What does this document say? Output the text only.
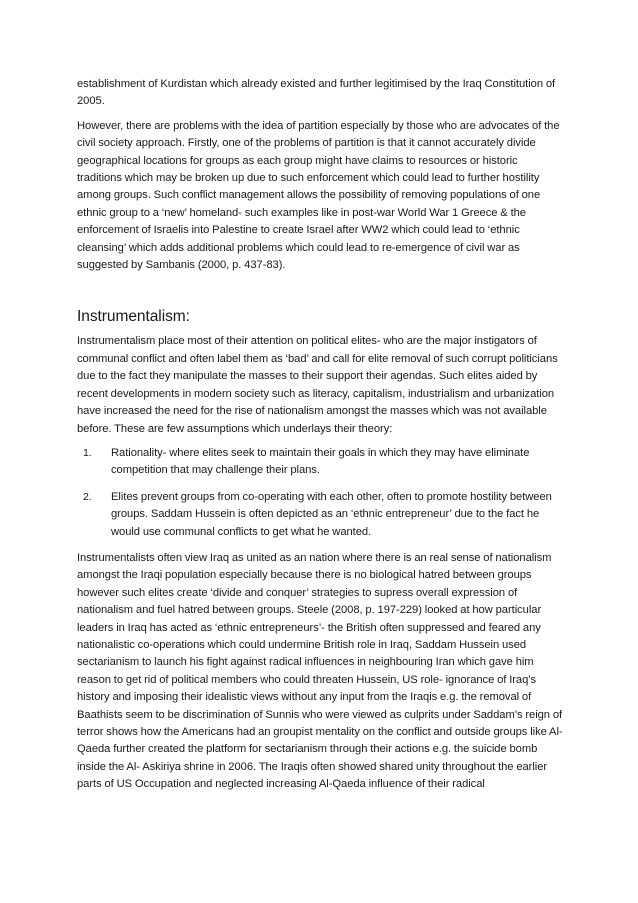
establishment of Kurdistan which already existed and further legitimised by the Iraq Constitution of 2005.

However, there are problems with the idea of partition especially by those who are advocates of the civil society approach. Firstly, one of the problems of partition is that it cannot accurately divide geographical locations for groups as each group might have claims to resources or historic traditions which may be broken up due to such enforcement which could lead to further hostility among groups. Such conflict management allows the possibility of removing populations of one ethnic group to a ‘new’ homeland- such examples like in post-war World War 1 Greece & the enforcement of Israelis into Palestine to create Israel after WW2 which could lead to ‘ethnic cleansing’ which adds additional problems which could lead to re-emergence of civil war as suggested by Sambanis (2000, p. 437-83).

Instrumentalism:

Instrumentalism place most of their attention on political elites- who are the major instigators of communal conflict and often label them as ‘bad’ and call for elite removal of such corrupt politicians due to the fact they manipulate the masses to their support their agendas. Such elites aided by recent developments in modern society such as literacy, capitalism, industrialism and urbanization have increased the need for the rise of nationalism amongst the masses which was not available before. These are few assumptions which underlays their theory:

1.	Rationality- where elites seek to maintain their goals in which they may have eliminate competition that may challenge their plans.
2.	Elites prevent groups from co-operating with each other, often to promote hostility between groups. Saddam Hussein is often depicted as an ‘ethnic entrepreneur’ due to the fact he would use communal conflicts to get what he wanted.

Instrumentalists often view Iraq as united as an nation where there is an real sense of nationalism amongst the Iraqi population especially because there is no biological hatred between groups however such elites create ‘divide and conquer’ strategies to supress overall expression of nationalism and fuel hatred between groups. Steele (2008, p. 197-229) looked at how particular leaders in Iraq has acted as ‘ethnic entrepreneurs’- the British often suppressed and feared any nationalistic co-operations which could undermine British role in Iraq, Saddam Hussein used sectarianism to launch his fight against radical influences in neighbouring Iran which gave him reason to get rid of political members who could threaten Hussein, US role- ignorance of Iraq’s history and imposing their idealistic views without any input from the Iraqis e.g. the removal of Baathists seem to be discrimination of Sunnis who were viewed as culprits under Saddam’s reign of terror shows how the Americans had an groupist mentality on the conflict and outside groups like Al-Qaeda further created the platform for sectarianism through their actions e.g. the suicide bomb inside the Al- Askiriya shrine in 2006. The Iraqis often showed shared unity throughout the earlier parts of US Occupation and neglected increasing Al-Qaeda influence of their radical
